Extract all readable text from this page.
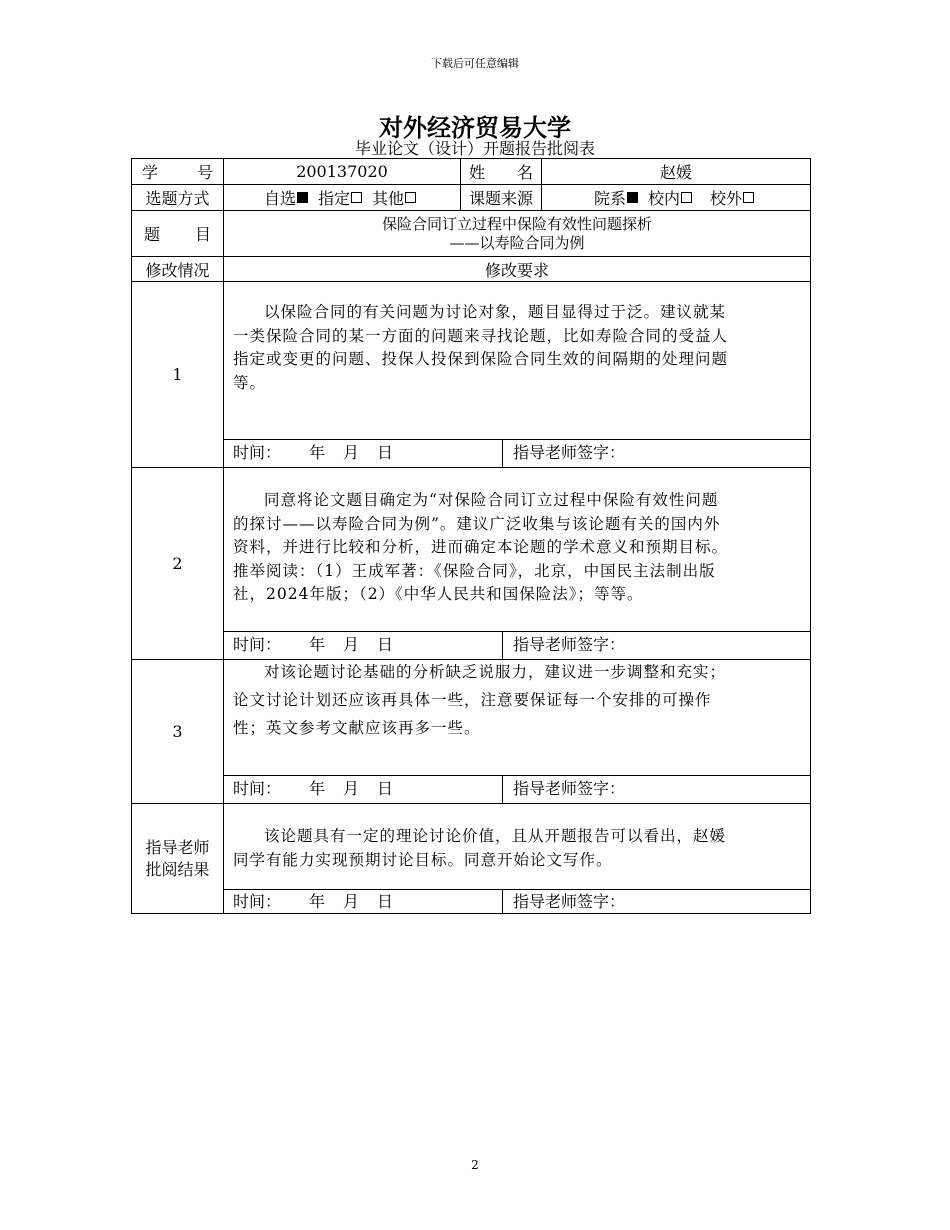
下载后可任意编辑
对外经济贸易大学
毕业论文（设计）开题报告批阅表
学 号	200137020	姓 名	赵媛
选题方式	自选 指定 其他	课题来源	院系 校内 校外
题 目
保险合同订立过程中保险有效性问题探析
——以寿险合同为例
修改情况	修改要求
1
以保险合同的有关问题为讨论对象，题目显得过于泛。建议就某
一类保险合同的某一方面的问题来寻找论题，比如寿险合同的受益人
指定或变更的问题、投保人投保到保险合同生效的间隔期的处理问题
等。
时间： 年 月 日	指导老师签字：
2
同意将论文题目确定为“对保险合同订立过程中保险有效性问题
的探讨——以寿险合同为例”。建议广泛收集与该论题有关的国内外
资料，并进行比较和分析，进而确定本论题的学术意义和预期目标。
推举阅读：（1）王成军著：《保险合同》，北京，中国民主法制出版
社，2024年版；（2）《中华人民共和国保险法》；等等。
时间： 年 月 日	指导老师签字：
3
对该论题讨论基础的分析缺乏说服力，建议进一步调整和充实；
论文讨论计划还应该再具体一些，注意要保证每一个安排的可操作
性；英文参考文献应该再多一些。
时间： 年 月 日	指导老师签字：
指导老师
批阅结果
该论题具有一定的理论讨论价值，且从开题报告可以看出，赵媛
同学有能力实现预期讨论目标。同意开始论文写作。
时间： 年 月 日	指导老师签字：
2
